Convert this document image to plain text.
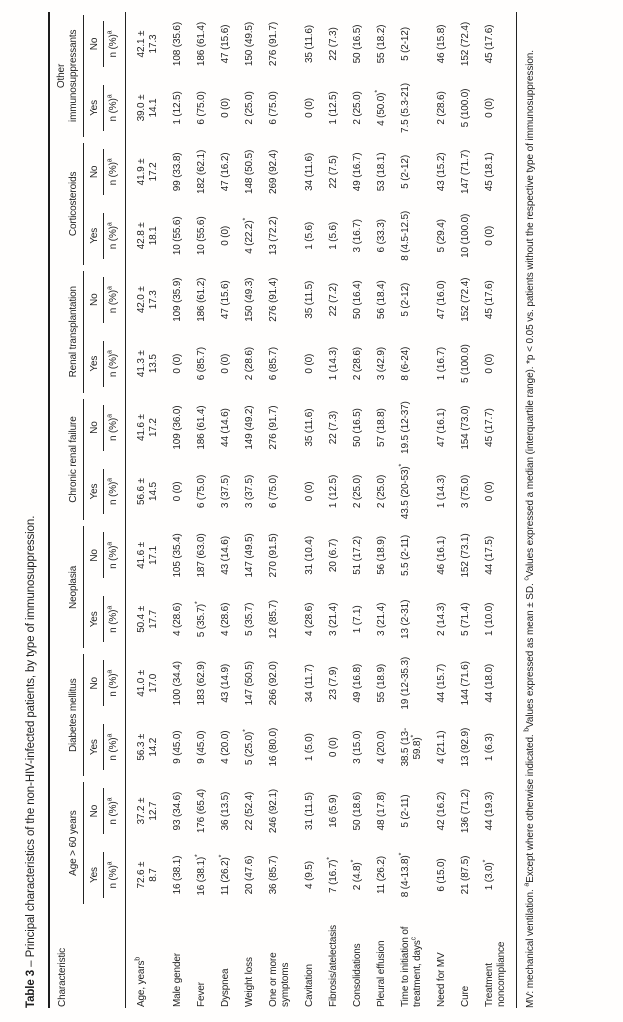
Table 3 – Principal characteristics of the non-HIV-infected patients, by type of immunosuppression.
Characteristic	Age > 60 years		Diabetes mellitus		Neoplasia		Chronic renal failure		Renal transplantation		Corticosteroids		Other immunosuppressants	

	Yes	No	Yes	No	Yes	No	Yes	No	Yes	No	Yes	No	Yes	No

	n (%)$^a$	n (%)$^a$	n (%)$^a$	n (%)$^a$	n (%)$^a$	n (%)$^a$	n (%)$^a$	n (%)$^a$	n (%)$^a$	n (%)$^a$	n (%)$^a$	n (%)$^a$	n (%)$^a$	n (%)$^a$
Age, years$^b$	72.6 ±
8.7	37.2 ±
12.7	56.3 ±
14.2	41.0 ±
17.0	50.4 ±
17.7	41.6 ±
17.1	56.6 ±
14.5	41.6 ±
17.2	41.3 ±
13.5	42.0 ±
17.3	42.8 ±
18.1	41.9 ±
17.2	39.0 ±
14.1	42.1 ±
17.3
Male gender	16 (38.1)	93 (34.6)	9 (45.0)	100 (34.4)	4 (28.6)	105 (35.4)	0 (0)	109 (36.0)	0 (0)	109 (35.9)	10 (55.6)	99 (33.8)	1 (12.5)	108 (35.6)
Fever	16 (38.1)*	176 (65.4)	9 (45.0)	183 (62.9)	5 (35.7)*	187 (63.0)	6 (75.0)	186 (61.4)	6 (85.7)	186 (61.2)	10 (55.6)	182 (62.1)	6 (75.0)	186 (61.4)
Dyspnea	11 (26.2)*	36 (13.5)	4 (20.0)	43 (14.9)	4 (28.6)	43 (14.6)	3 (37.5)	44 (14.6)	0 (0)	47 (15.6)	0 (0)	47 (16.2)	0 (0)	47 (15.6)
Weight loss	20 (47.6)	22 (52.4)	5 (25.0)*	147 (50.5)	5 (35.7)	147 (49.5)	3 (37.5)	149 (49.2)	2 (28.6)	150 (49.3)	4 (22.2)*	148 (50.5)	2 (25.0)	150 (49.5)
One or more symptoms	36 (85.7)	246 (92.1)	16 (80.0)	266 (92.0)	12 (85.7)	270 (91.5)	6 (75.0)	276 (91.7)	6 (85.7)	276 (91.4)	13 (72.2)	269 (92.4)	6 (75.0)	276 (91.7)
Cavitation	4 (9.5)	31 (11.5)	1 (5.0)	34 (11.7)	4 (28.6)	31 (10.4)	0 (0)	35 (11.6)	0 (0)	35 (11.5)	1 (5.6)	34 (11.6)	0 (0)	35 (11.6)
Fibrosis/atelectasis	7 (16.7)*	16 (5.9)	0 (0)	23 (7.9)	3 (21.4)	20 (6.7)	1 (12.5)	22 (7.3)	1 (14.3)	22 (7.2)	1 (5.6)	22 (7.5)	1 (12.5)	22 (7.3)
Consolidations	2 (4.8)*	50 (18.6)	3 (15.0)	49 (16.8)	1 (7.1)	51 (17.2)	2 (25.0)	50 (16.5)	2 (28.6)	50 (16.4)	3 (16.7)	49 (16.7)	2 (25.0)	50 (16.5)
Pleural effusion	11 (26.2)	48 (17.8)	4 (20.0)	55 (18.9)	3 (21.4)	56 (18.9)	2 (25.0)	57 (18.8)	3 (42.9)	56 (18.4)	6 (33.3)	53 (18.1)	4 (50.0)*	55 (18.2)
Time to initiation of treatment, days$^c$	8 (4-13.8)*	5 (2-11)	38.5 (13-59.8)*	19 (12-35.3)	13 (2-31)	5.5 (2-11)	43.5 (20-53)*	19.5 (12-37)	8 (6-24)	5 (2-12)	8 (4.5-12.5)	5 (2-12)	7.5 (5.3-21)	5 (2-12)
Need for MV	6 (15.0)	42 (16.2)	4 (21.1)	44 (15.7)	2 (14.3)	46 (16.1)	1 (14.3)	47 (16.1)	1 (16.7)	47 (16.0)	5 (29.4)	43 (15.2)	2 (28.6)	46 (15.8)
Cure	21 (87.5)	136 (71.2)	13 (92.9)	144 (71.6)	5 (71.4)	152 (73.1)	3 (75.0)	154 (73.0)	5 (100.0)	152 (72.4)	10 (100.0)	147 (71.7)	5 (100.0)	152 (72.4)
Treatment noncompliance	1 (3.0)*	44 (19.3)	1 (6.3)	44 (18.0)	1 (10.0)	44 (17.5)	0 (0)	45 (17.7)	0 (0)	45 (17.6)	0 (0)	45 (18.1)	0 (0)	45 (17.6)
MV: mechanical ventilation. $^a$Except where otherwise indicated. $^b$Values expressed as mean ± SD. $^c$Values expressed a median (interquartile range). *p < 0.05 vs. patients without the respective type of immunosuppression.
